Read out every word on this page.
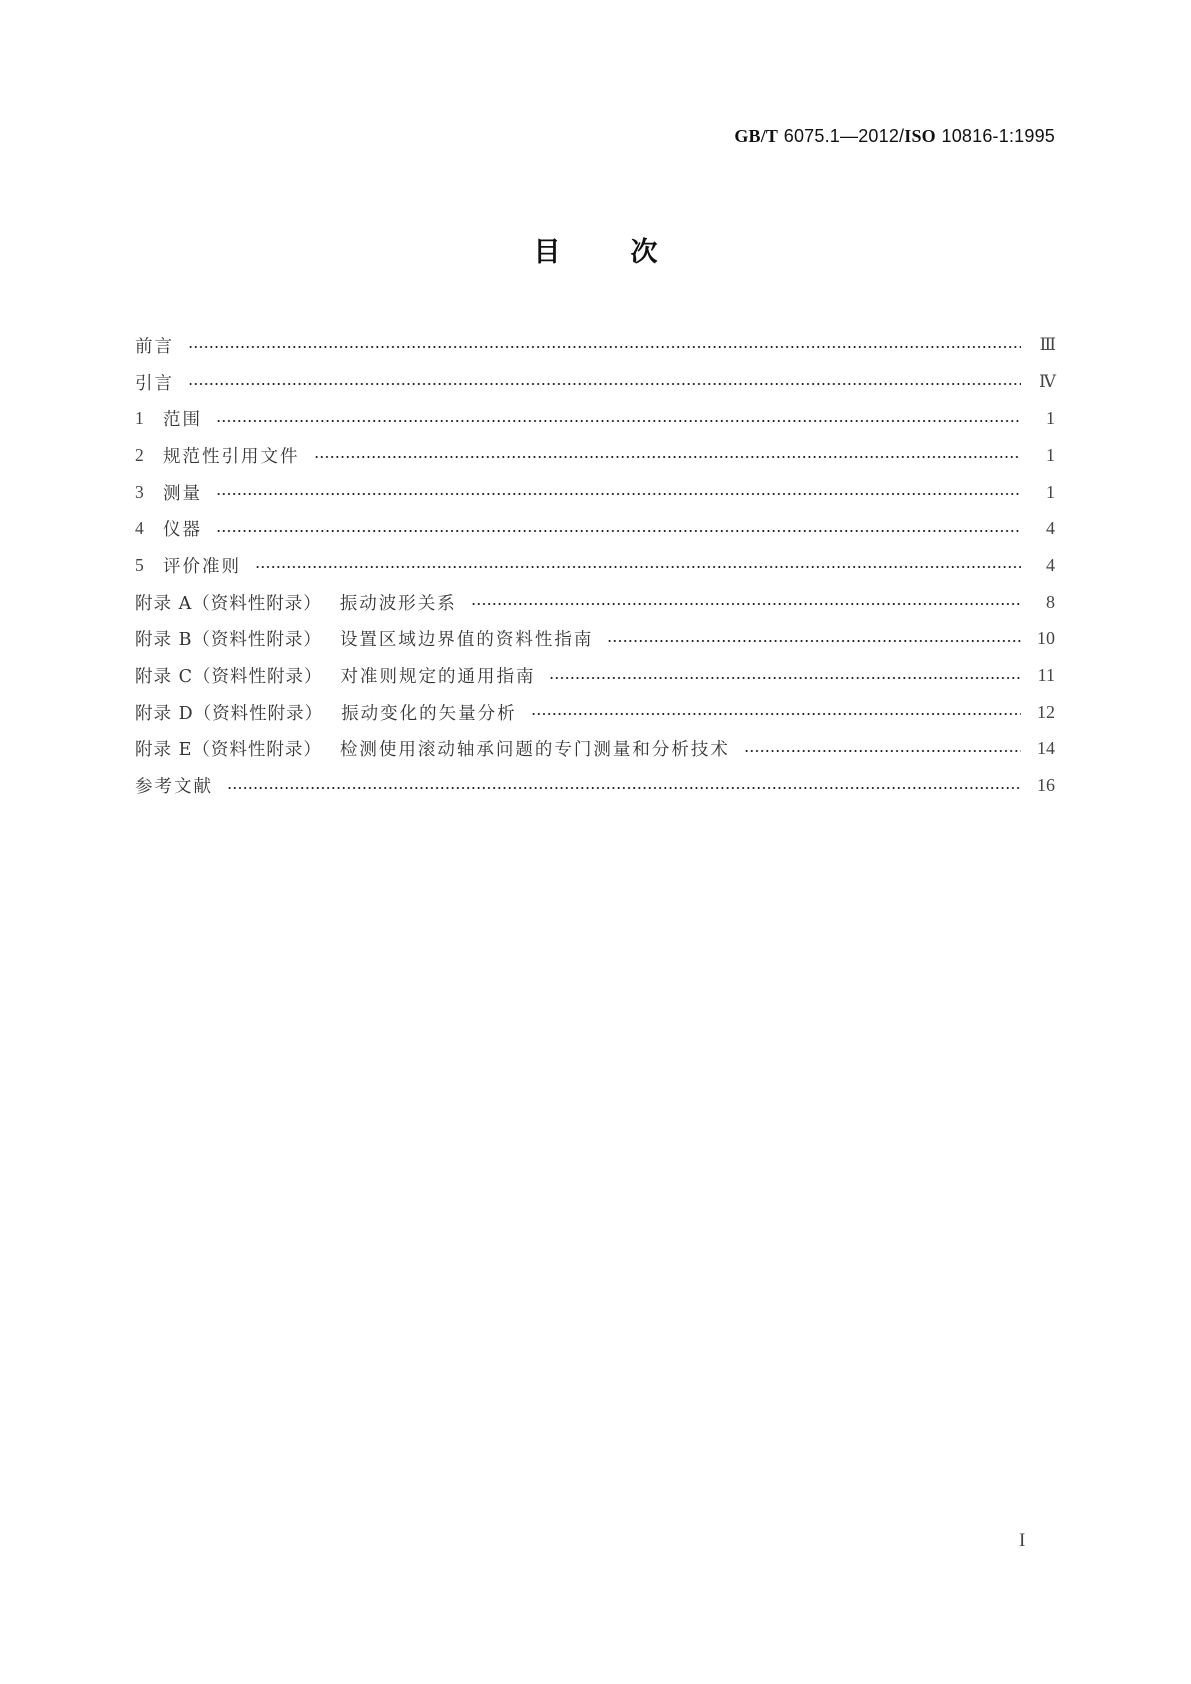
GB/T 6075.1—2012/ISO 10816-1:1995
目	次
前言	Ⅲ
引言	Ⅳ
1	范围	1
2	规范性引用文件	1
3	测量	1
4	仪器	4
5	评价准则	4
附录 A（资料性附录） 振动波形关系	8
附录 B（资料性附录） 设置区域边界值的资料性指南	10
附录 C（资料性附录） 对准则规定的通用指南	11
附录 D（资料性附录） 振动变化的矢量分析	12
附录 E（资料性附录） 检测使用滚动轴承问题的专门测量和分析技术	14
参考文献	16
I
